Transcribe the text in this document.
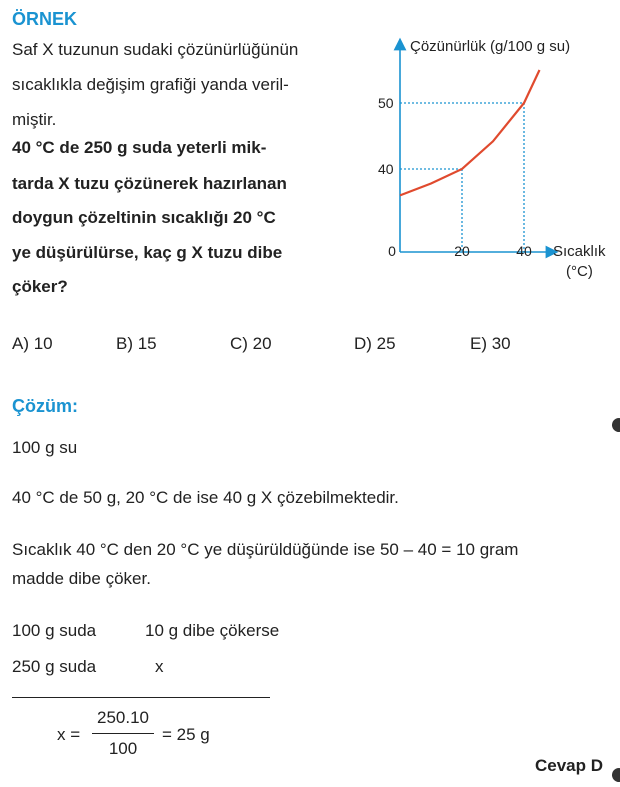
ÖRNEK
Saf X tuzunun sudaki çözünürlüğünün
sıcaklıkla değişim grafiği yanda veril-
miştir.
40 °C de 250 g suda yeterli mik-
tarda X tuzu çözünerek hazırlanan
doygun çözeltinin sıcaklığı 20 °C
ye düşürülürse, kaç g X tuzu dibe
çöker?
Çözünürlük (g/100 g su)
40
50
0	20	40 Sıcaklık
(°C)
A) 10	B) 15	C) 20	D) 25	E) 30
Çözüm:
100 g su
40 °C de 50 g, 20 °C de ise 40 g X çözebilmektedir.
Sıcaklık 40 °C den 20 °C ye düşürüldüğünde ise 50 – 40 = 10 gram
madde dibe çöker.
100 g suda	10 g dibe çökerse
250 g suda	x
x =
250.10
100
= 25 g
Cevap D
